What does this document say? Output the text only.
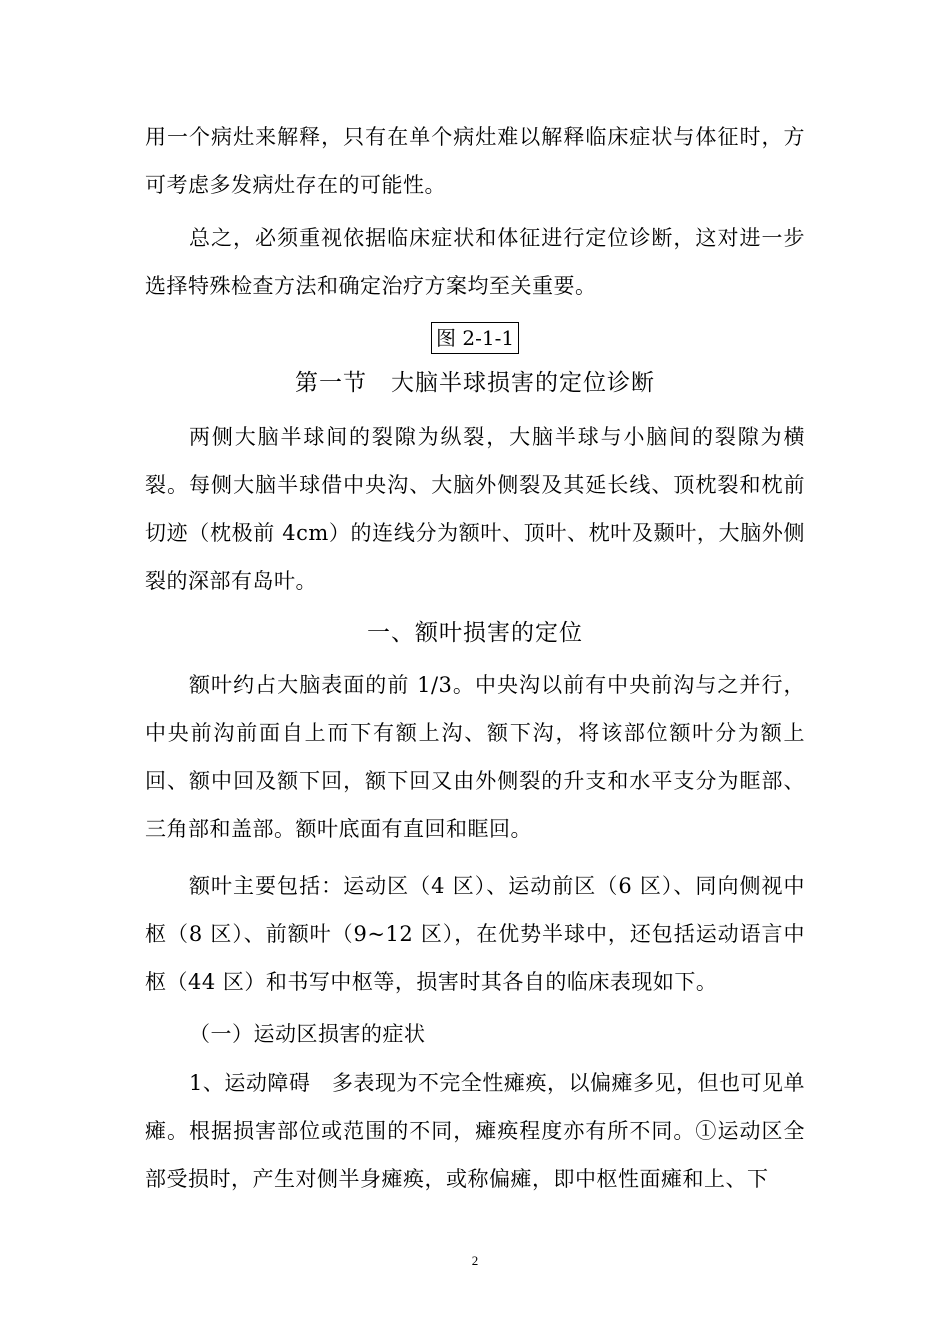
用一个病灶来解释，只有在单个病灶难以解释临床症状与体征时，方可考虑多发病灶存在的可能性。

总之，必须重视依据临床症状和体征进行定位诊断，这对进一步选择特殊检查方法和确定治疗方案均至关重要。

图 2-1-1
第一节　大脑半球损害的定位诊断

两侧大脑半球间的裂隙为纵裂，大脑半球与小脑间的裂隙为横裂。每侧大脑半球借中央沟、大脑外侧裂及其延长线、顶枕裂和枕前切迹（枕极前 4cm）的连线分为额叶、顶叶、枕叶及颞叶，大脑外侧裂的深部有岛叶。

一、额叶损害的定位

额叶约占大脑表面的前 1/3。中央沟以前有中央前沟与之并行，中央前沟前面自上而下有额上沟、额下沟，将该部位额叶分为额上回、额中回及额下回，额下回又由外侧裂的升支和水平支分为眶部、三角部和盖部。额叶底面有直回和眶回。

额叶主要包括：运动区（4 区）、运动前区（6 区）、同向侧视中枢（8 区）、前额叶（9~12 区），在优势半球中，还包括运动语言中枢（44 区）和书写中枢等，损害时其各自的临床表现如下。

（一）运动区损害的症状

1、运动障碍　多表现为不完全性瘫痪，以偏瘫多见，但也可见单瘫。根据损害部位或范围的不同，瘫痪程度亦有所不同。①运动区全部受损时，产生对侧半身瘫痪，或称偏瘫，即中枢性面瘫和上、下

2
